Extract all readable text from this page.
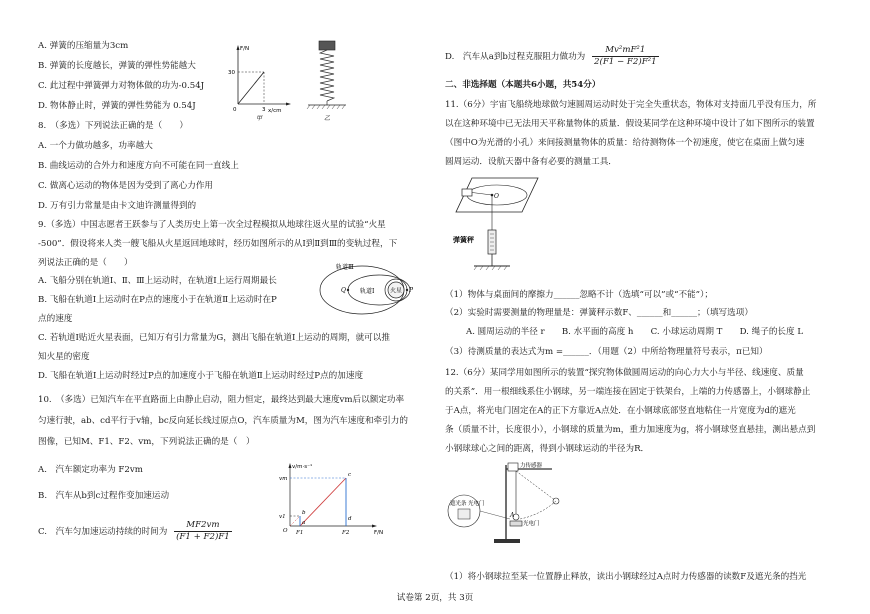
A. 弹簧的压缩量为3cm
B. 弹簧的长度越长，弹簧的弹性势能越大
C. 此过程中弹簧弹力对物体做的功为-0.54J
D. 物体静止时，弹簧的弹性势能为 0.54J
F/N
x/cm
30
0	3
甲	乙
8.　（多选）下列说法正确的是（　　）
A. 一个力做功越多，功率越大
B. 曲线运动的合外力和速度方向不可能在同一直线上
C. 做离心运动的物体是因为受到了离心力作用
D. 万有引力常量是由卡文迪许测量得到的
9.（多选）中国志愿者王跃参与了人类历史上第一次全过程模拟从地球往返火星的试验“火星
-500”．假设将来人类一艘飞船从火星返回地球时，经历如图所示的从Ⅰ到Ⅱ到Ⅲ的变轨过程，下
列说法正确的是（　　）
A. 飞船分别在轨道Ⅰ、Ⅱ、Ⅲ上运动时，在轨道Ⅰ上运行周期最长
B. 飞船在轨道Ⅰ上运动时在P点的速度小于在轨道Ⅱ上运动时在P
点的速度
轨道Ⅲ
轨道Ⅰ	火星
Q	P
C. 若轨道Ⅰ贴近火星表面，已知万有引力常量为G，测出飞船在轨道Ⅰ上运动的周期，就可以推
知火星的密度
D. 飞船在轨道Ⅰ上运动时经过P点的加速度小于飞船在轨道Ⅱ上运动时经过P点的加速度
10.　（多选）已知汽车在平直路面上由静止启动，阻力恒定，最终达到最大速度vm后以额定功率
匀速行驶，ab、cd平行于v轴，bc反向延长线过原点O，汽车质量为M，图为汽车速度和牵引力的
图像，已知M、F1、F2、vm，下列说法正确的是（　）
A.　汽车额定功率为 F2vm
B.　汽车从b到c过程作变加速运动
C.　汽车匀加速运动持续的时间为 $\frac{MF2vm}{(F1 + F2)F1}$
v/m·s⁻¹
F/N
vm
v1
a
b
c
d
O F1	F2
D.　汽车从a到b过程克服阻力做功为 $\frac{\text{Mv²mF²1}}{\text{2(F1 − F2)F²1}}$
二、非选择题（本题共6小题，共54分）
11.（6分）宇宙飞船绕地球做匀速圆周运动时处于完全失重状态，物体对支持面几乎没有压力，所
以在这种环境中已无法用天平称量物体的质量．假设某同学在这种环境中设计了如下图所示的装置
（图中O为光滑的小孔）来间接测量物体的质量：给待测物体一个初速度，使它在桌面上做匀速
圆周运动．设航天器中备有必要的测量工具．
O
弹簧秤
（1）物体与桌面间的摩擦力______忽略不计（选填“可以”或“不能”）；
（2）实验时需要测量的物理量是：弹簧秤示数F、______和______；（填写选项）
A. 圆周运动的半径 r　　B. 水平面的高度 h　　C. 小球运动周期 T　　D. 绳子的长度 L
（3）待测质量的表达式为m =______．（用题（2）中所给物理量符号表示，π已知）
12.（6分）某同学用如图所示的装置“探究物体做圆周运动的向心力大小与半径、线速度、质量
的关系”．用一根细线系住小钢球，另一端连接在固定于铁架台，上端的力传感器上，小钢球静止
于A点，将光电门固定在A的正下方靠近A点处．在小钢球底部竖直地粘住一片宽度为d的遮光
条（质量不计，长度很小），小钢球的质量为m，重力加速度为g，将小钢球竖直悬挂，测出悬点到
小钢球球心之间的距离，得到小钢球运动的半径为R．
力传感器
A
光电门
遮光条 光电门
（1）将小钢球拉至某一位置静止释放，读出小钢球经过A点时力传感器的读数F及遮光条的挡光
试卷第 2页，共 3页
